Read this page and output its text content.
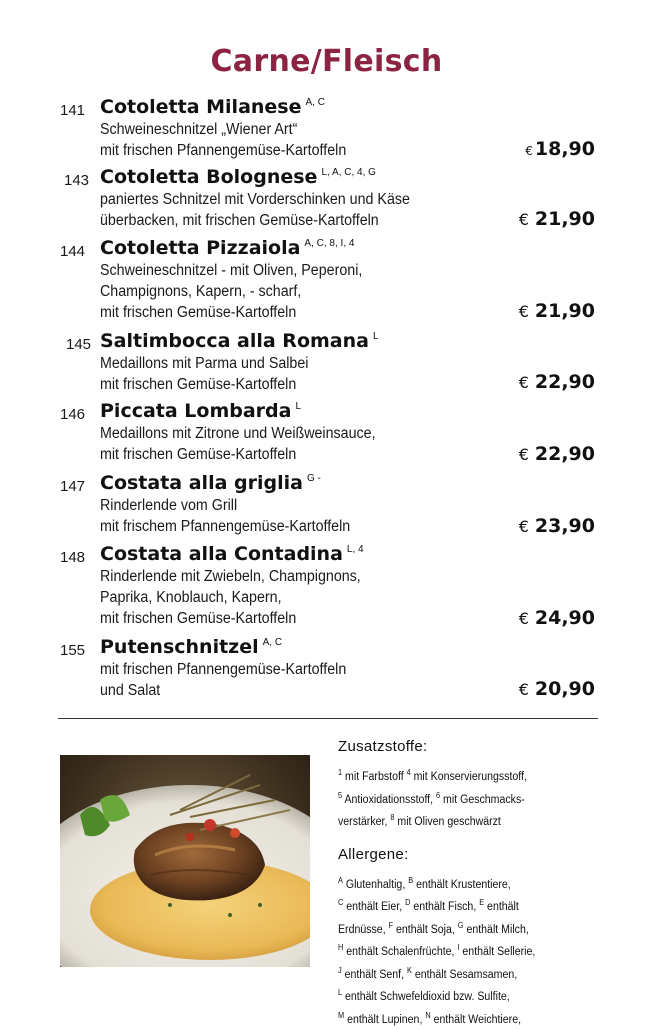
Carne/Fleisch
141 Cotoletta Milanese $^{A, C}$
Schweineschnitzel „Wiener Art“
mit frischen Pfannengemüse-Kartoffeln	€ 18,90
143 Cotoletta Bolognese $^{L, A, C, 4, G}$
paniertes Schnitzel mit Vorderschinken und Käse
überbacken, mit frischen Gemüse-Kartoffeln	€ 21,90
144 Cotoletta Pizzaiola $^{A, C, 8, I, 4}$
Schweineschnitzel - mit Oliven, Peperoni,
Champignons, Kapern, - scharf,
mit frischen Gemüse-Kartoffeln	€ 21,90
145 Saltimbocca alla Romana $^L$
Medaillons mit Parma und Salbei
mit frischen Gemüse-Kartoffeln	€ 22,90
146 Piccata Lombarda $^L$
Medaillons mit Zitrone und Weißweinsauce,
mit frischen Gemüse-Kartoffeln	€ 22,90
147 Costata alla griglia $^{G -}$
Rinderlende vom Grill
mit frischem Pfannengemüse-Kartoffeln	€ 23,90
148 Costata alla Contadina $^{L, 4}$
Rinderlende mit Zwiebeln, Champignons,
Paprika, Knoblauch, Kapern,
mit frischen Gemüse-Kartoffeln	€ 24,90
155 Putenschnitzel $^{A, C}$
mit frischen Pfannengemüse-Kartoffeln
und Salat	€ 20,90
Zusatzstoffe:
$^1$ mit Farbstoff $^4$ mit Konservierungsstoff,
$^5$ Antioxidationsstoff, $^6$ mit Geschmacks-
verstärker, $^8$ mit Oliven geschwärzt
Allergene:
$^A$ Glutenhaltig, $^B$ enthält Krustentiere,
$^C$ enthält Eier, $^D$ enthält Fisch, $^E$ enthält
Erdnüsse, $^F$ enthält Soja, $^G$ enthält Milch,
$^H$ enthält Schalenfrüchte, $^I$ enthält Sellerie,
$^J$ enthält Senf, $^K$ enthält Sesamsamen,
$^L$ enthält Schwefeldioxid bzw. Sulfite,
$^M$ enthält Lupinen, $^N$ enthält Weichtiere,
